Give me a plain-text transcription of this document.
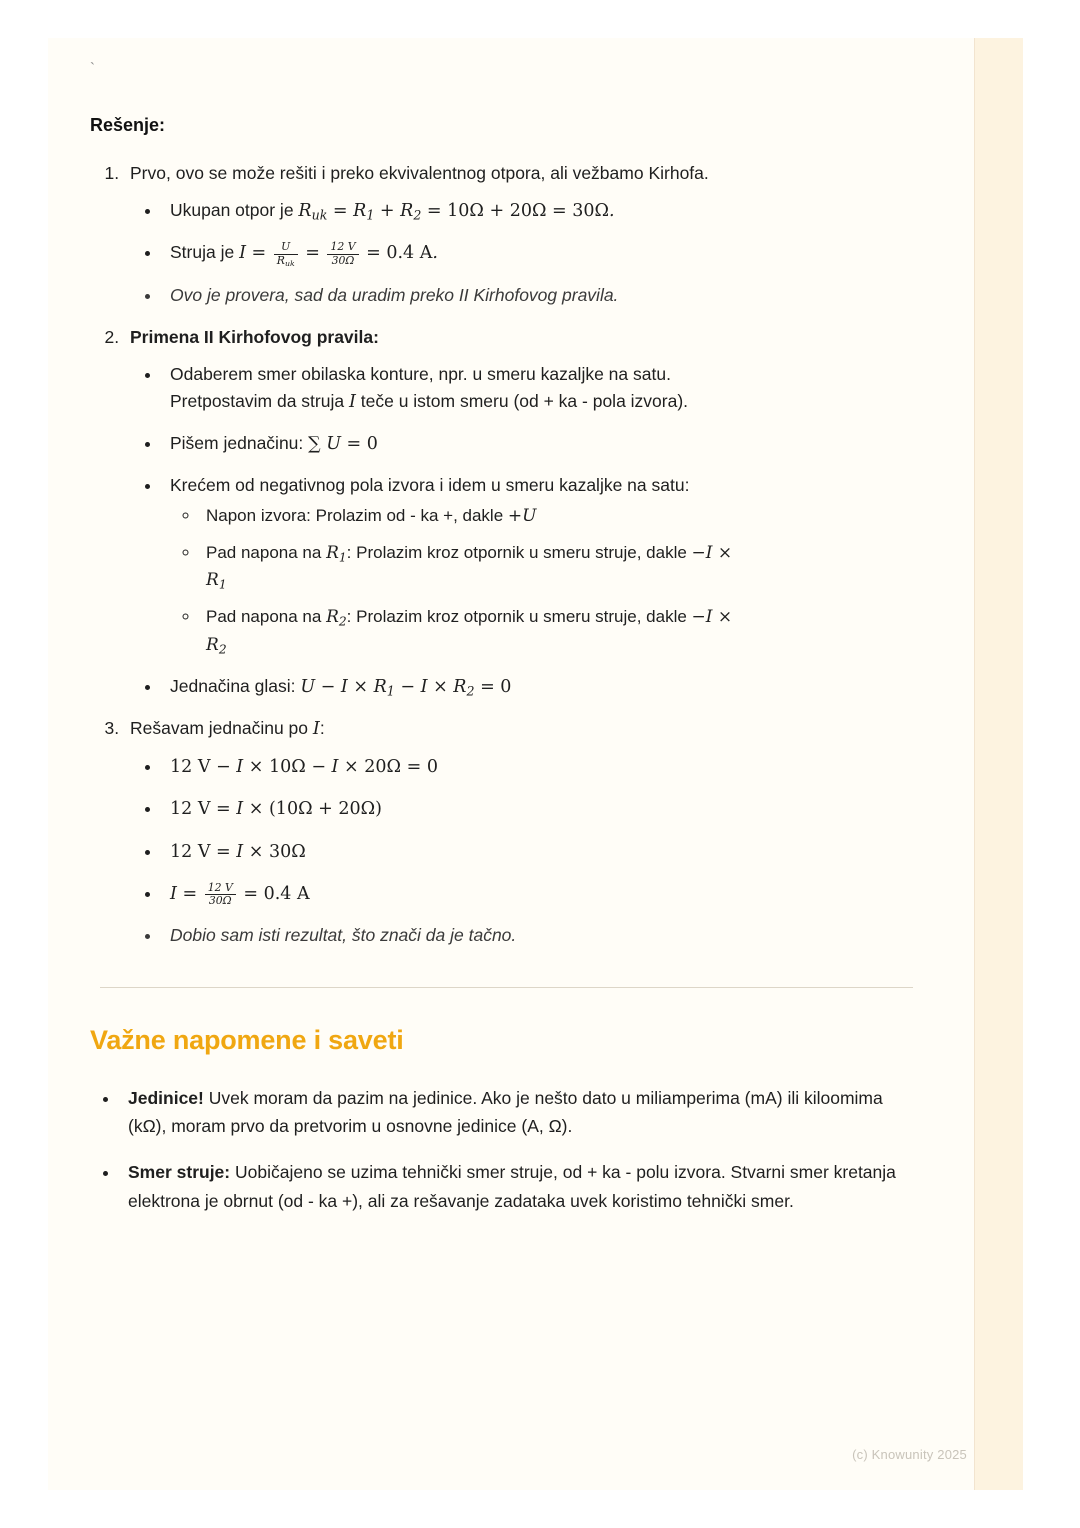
`
Rešenje:
1. Prvo, ovo se može rešiti i preko ekvivalentnog otpora, ali vežbamo Kirhofa.
• Ukupan otpor je $R_{uk} = R_1 + R_2 = 10\Omega + 20\Omega = 30\Omega$.
• Struja je $I = \frac{U}{R_{uk}} = \frac{12 V}{30\Omega} = 0.4$ A.
• Ovo je provera, sad da uradim preko II Kirhofovog pravila.
2. Primena II Kirhofovog pravila:
• Odaberem smer obilaska konture, npr. u smeru kazaljke na satu.
Pretpostavim da struja I teče u istom smeru (od + ka - pola izvora).
• Pišem jednačinu: ∑ U = 0
• Krećem od negativnog pola izvora i idem u smeru kazaljke na satu:
◦ Napon izvora: Prolazim od - ka +, dakle +U
◦ Pad napona na $R_1$: Prolazim kroz otpornik u smeru struje, dakle −I ×
$R_1$
◦ Pad napona na $R_2$: Prolazim kroz otpornik u smeru struje, dakle −I ×
$R_2$
• Jednačina glasi: $U - I \times R_1 - I \times R_2 = 0$
3. Rešavam jednačinu po I:
• 12 V − I × 10Ω − I × 20Ω = 0
• 12 V = I × (10Ω + 20Ω)
• 12 V = I × 30Ω
• $I = \frac{12 V}{30\Omega} = 0.4$ A
• Dobio sam isti rezultat, što znači da je tačno.
Važne napomene i saveti
• Jedinice! Uvek moram da pazim na jedinice. Ako je nešto dato u miliamperima (mA) ili kiloomima (kΩ), moram prvo da pretvorim u osnovne jedinice (A, Ω).
• Smer struje: Uobičajeno se uzima tehnički smer struje, od + ka - polu izvora. Stvarni smer kretanja elektrona je obrnut (od - ka +), ali za rešavanje zadataka uvek koristimo tehnički smer.
(c) Knowunity 2025
